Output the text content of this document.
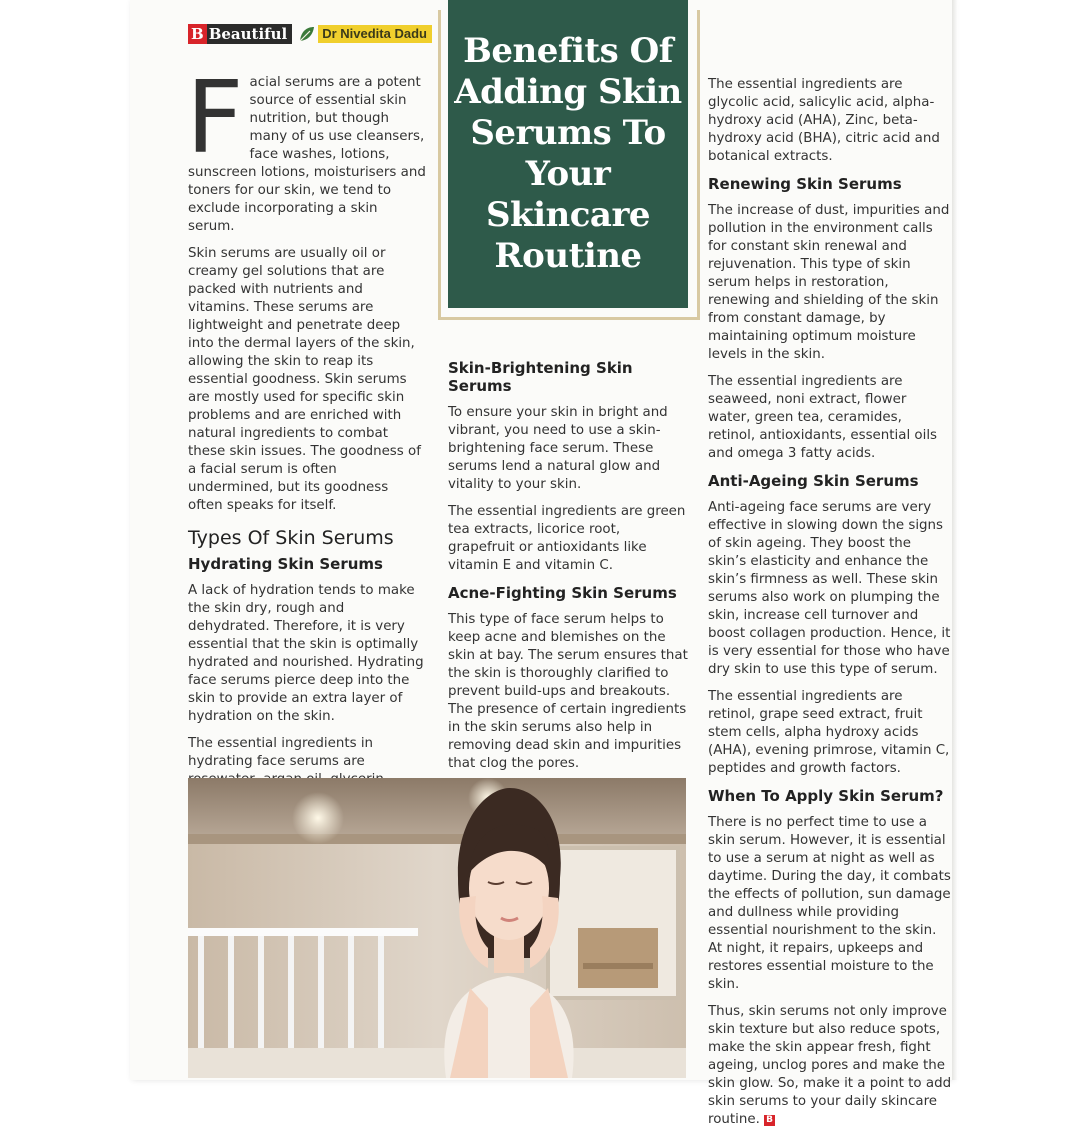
B Beautiful	Dr Nivedita Dadu	Benefits Of Adding Skin Serums To Your Skincare Routine

Facial serums are a potent source of essential skin nutrition, but though many of us use cleansers, face washes, lotions, sunscreen lotions, moisturisers and toners for our skin, we tend to exclude incorporating a skin serum.

Skin serums are usually oil or creamy gel solutions that are packed with nutrients and vitamins. These serums are lightweight and penetrate deep into the dermal layers of the skin, allowing the skin to reap its essential goodness. Skin serums are mostly used for specific skin problems and are enriched with natural ingredients to combat these skin issues. The goodness of a facial serum is often undermined, but its goodness often speaks for itself.

Types Of Skin Serums
Hydrating Skin Serums

A lack of hydration tends to make the skin dry, rough and dehydrated. Therefore, it is very essential that the skin is optimally hydrated and nourished. Hydrating face serums pierce deep into the skin to provide an extra layer of hydration on the skin.

The essential ingredients in hydrating face serums are

Skin-Brightening Skin Serums

To ensure your skin in bright and vibrant, you need to use a skin-brightening face serum. These serums lend a natural glow and vitality to your skin.

The essential ingredients are green tea extracts, licorice root, grapefruit or antioxidants like vitamin E and vitamin C.

Acne-Fighting Skin Serums

This type of face serum helps to keep acne and blemishes on the skin at bay. The serum ensures that the skin is thoroughly clarified to prevent build-ups and breakouts. The presence of certain ingredients in the skin serums also help in removing dead skin and impurities that clog the pores.

The essential ingredients are glycolic acid, salicylic acid, alpha-hydroxy acid (AHA), Zinc, beta-hydroxy acid (BHA), citric acid and botanical extracts.

Renewing Skin Serums

The increase of dust, impurities and pollution in the environment calls for constant skin renewal and rejuvenation. This type of skin serum helps in restoration, renewing and shielding of the skin from constant damage, by maintaining optimum moisture levels in the skin.

The essential ingredients are seaweed, noni extract, flower water, green tea, ceramides, retinol, antioxidants, essential oils and omega 3 fatty acids.

Anti-Ageing Skin Serums

Anti-ageing face serums are very effective in slowing down the signs of skin ageing. They boost the skin’s elasticity and enhance the skin’s firmness as well. These skin serums also work on plumping the skin, increase cell turnover and boost collagen production. Hence, it is very essential for those who have dry skin to use this type of serum.

The essential ingredients are retinol, grape seed extract, fruit stem cells, alpha hydroxy acids (AHA), evening primrose, vitamin C, peptides and growth factors.

When To Apply Skin Serum?

There is no perfect time to use a skin serum. However, it is essential to use a serum at night as well as daytime. During the day, it combats the effects of pollution, sun damage and dullness while providing essential nourishment to the skin. At night, it repairs, upkeeps and restores essential moisture to the skin.

Thus, skin serums not only improve skin texture but also reduce spots, make the skin appear fresh, fight ageing, unclog pores and make the skin glow. So, make it a point to add skin serums to your daily skincare routine. B
